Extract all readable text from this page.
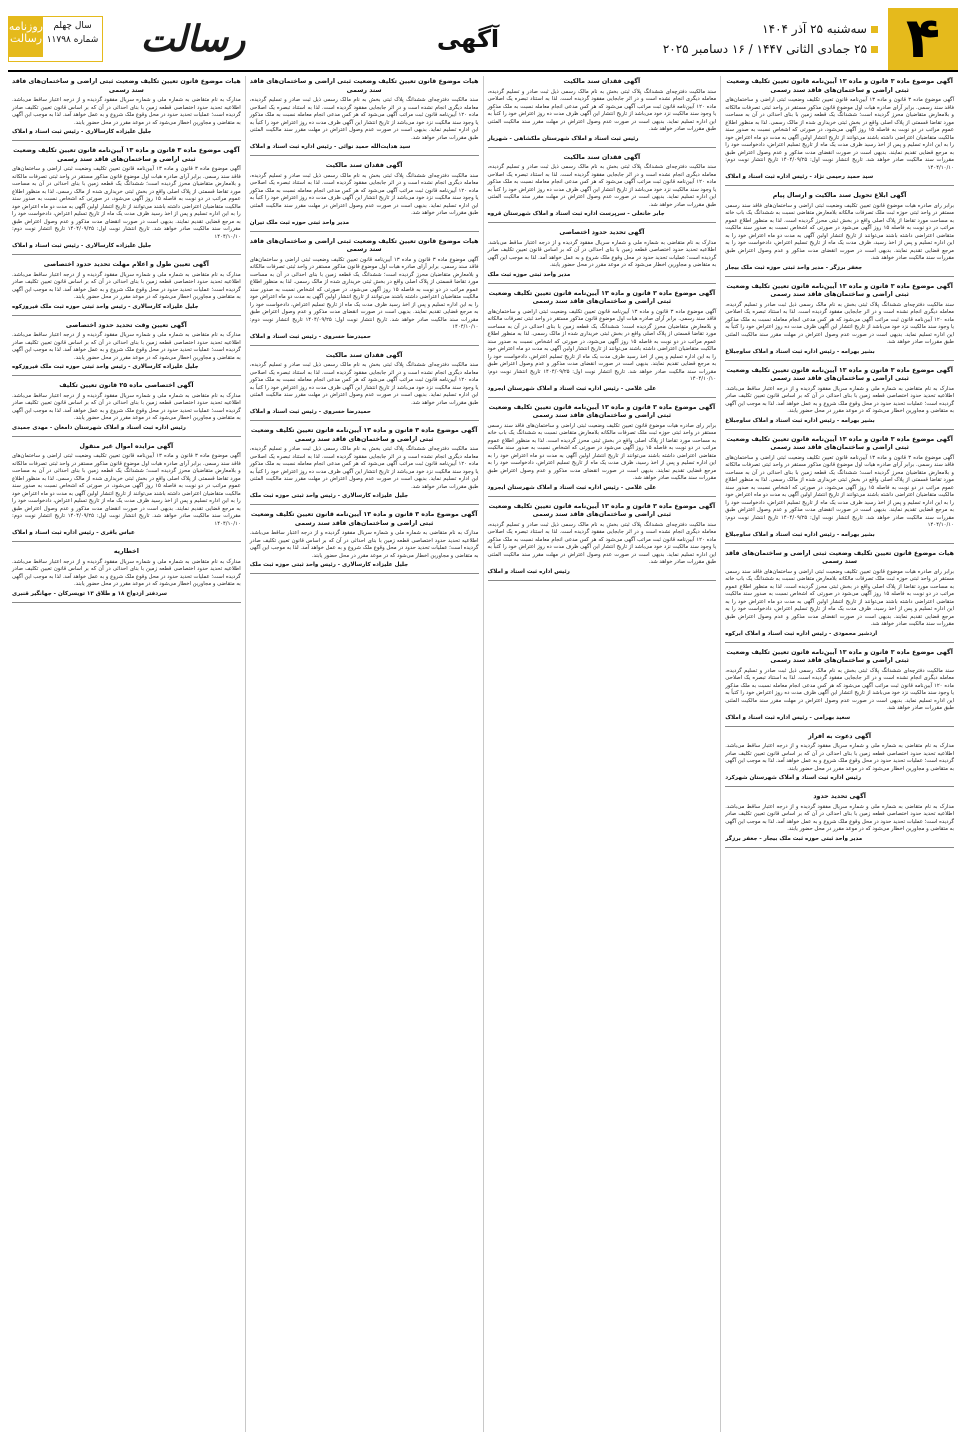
۴
سه‌شنبه ۲۵ آذر ۱۴۰۴
۲۵ جمادی الثانی ۱۴۴۷ / ۱۶ دسامبر ۲۰۲۵
آگهی
رسالت
روزنامه رسالت
سال چهلم
شماره ۱۱۷۹۸
آگهی موضوع ماده ۳ قانون و ماده ۱۳ آیین‌نامه قانون تعیین تکلیف وضعیت ثبتی اراضی و ساختمان‌های فاقد سند رسمی

آگهی موضوع ماده ۳ قانون و ماده ۱۳ آیین‌نامه قانون تعیین تکلیف وضعیت ثبتی اراضی و ساختمان‌های فاقد سند رسمی. برابر آرای صادره هیات اول موضوع قانون مذکور مستقر در واحد ثبتی تصرفات مالکانه و بلامعارض متقاضیان محرز گردیده است؛ ششدانگ یک قطعه زمین با بنای احداثی در آن به مساحت مورد تقاضا قسمتی از پلاک اصلی واقع در بخش ثبتی خریداری شده از مالک رسمی. لذا به منظور اطلاع عموم مراتب در دو نوبت به فاصله ۱۵ روز آگهی می‌شود، در صورتی که اشخاص نسبت به صدور سند مالکیت متقاضیان اعتراضی داشته باشند می‌توانند از تاریخ انتشار اولین آگهی به مدت دو ماه اعتراض خود را به این اداره تسلیم و پس از اخذ رسید ظرف مدت یک ماه از تاریخ تسلیم اعتراض، دادخواست خود را به مرجع قضایی تقدیم نمایند. بدیهی است در صورت انقضای مدت مذکور و عدم وصول اعتراض طبق مقررات سند مالکیت صادر خواهد شد. تاریخ انتشار نوبت اول: ۱۴۰۴/۰۹/۲۵ تاریخ انتشار نوبت دوم: ۱۴۰۴/۱۰/۱۰

سید حمید رحیمی نژاد - رئیس اداره ثبت اسناد و املاک
آگهی ابلاغ تحویل سند مالکیت و ارسال پیام

برابر رای صادره هیات موضوع قانون تعیین تکلیف وضعیت ثبتی اراضی و ساختمان‌های فاقد سند رسمی مستقر در واحد ثبتی حوزه ثبت ملک تصرفات مالکانه بلامعارض متقاضی نسبت به ششدانگ یک باب خانه به مساحت مورد تقاضا از پلاک اصلی واقع در بخش ثبتی محرز گردیده است. لذا به منظور اطلاع عموم مراتب در دو نوبت به فاصله ۱۵ روز آگهی می‌شود در صورتی که اشخاص نسبت به صدور سند مالکیت متقاضی اعتراضی داشته باشند می‌توانند از تاریخ انتشار اولین آگهی به مدت دو ماه اعتراض خود را به این اداره تسلیم و پس از اخذ رسید، ظرف مدت یک ماه از تاریخ تسلیم اعتراض، دادخواست خود را به مرجع قضایی تقدیم نمایند. بدیهی است در صورت انقضای مدت مذکور و عدم وصول اعتراض طبق مقررات سند مالکیت صادر خواهد شد.

جعفر برزگر - مدیر واحد ثبتی حوزه ثبت ملک بیجار
آگهی موضوع ماده ۳ قانون و ماده ۱۳ آیین‌نامه قانون تعیین تکلیف وضعیت ثبتی اراضی و ساختمان‌های فاقد سند رسمی

سند مالکیت دفترچه‌ای ششدانگ پلاک ثبتی بخش به نام مالک رسمی ذیل ثبت صادر و تسلیم گردیده، معامله دیگری انجام نشده است و در اثر جابجایی مفقود گردیده است. لذا به استناد تبصره یک اصلاحی ماده ۱۲۰ آیین‌نامه قانون ثبت مراتب آگهی می‌شود که هر کس مدعی انجام معامله نسبت به ملک مذکور یا وجود سند مالکیت نزد خود می‌باشد از تاریخ انتشار این آگهی ظرف مدت ده روز اعتراض خود را کتباً به این اداره تسلیم نماید. بدیهی است در صورت عدم وصول اعتراض در مهلت مقرر سند مالکیت المثنی طبق مقررات صادر خواهد شد.

بشیر بهرامه - رئیس اداره ثبت اسناد و املاک ساوجبلاغ
آگهی موضوع ماده ۳ قانون و ماده ۱۳ آیین‌نامه قانون تعیین تکلیف وضعیت ثبتی اراضی و ساختمان‌های فاقد سند رسمی

مدارک به نام متقاضی به شماره ملی و شماره سریال مفقود گردیده و از درجه اعتبار ساقط می‌باشد. اطلاعیه تحدید حدود اختصاصی قطعه زمین با بنای احداثی در آن که بر اساس قانون تعیین تکلیف صادر گردیده است؛ عملیات تحدید حدود در محل وقوع ملک شروع و به عمل خواهد آمد. لذا به موجب این آگهی به متقاضی و مجاورین اخطار می‌شود که در موعد مقرر در محل حضور یابند.

بشیر بهرامه - رئیس اداره ثبت اسناد و املاک ساوجبلاغ
آگهی موضوع ماده ۳ قانون و ماده ۱۳ آیین‌نامه قانون تعیین تکلیف وضعیت ثبتی اراضی و ساختمان‌های فاقد سند رسمی

آگهی موضوع ماده ۳ قانون و ماده ۱۳ آیین‌نامه قانون تعیین تکلیف وضعیت ثبتی اراضی و ساختمان‌های فاقد سند رسمی. برابر آرای صادره هیات اول موضوع قانون مذکور مستقر در واحد ثبتی تصرفات مالکانه و بلامعارض متقاضیان محرز گردیده است؛ ششدانگ یک قطعه زمین با بنای احداثی در آن به مساحت مورد تقاضا قسمتی از پلاک اصلی واقع در بخش ثبتی خریداری شده از مالک رسمی. لذا به منظور اطلاع عموم مراتب در دو نوبت به فاصله ۱۵ روز آگهی می‌شود، در صورتی که اشخاص نسبت به صدور سند مالکیت متقاضیان اعتراضی داشته باشند می‌توانند از تاریخ انتشار اولین آگهی به مدت دو ماه اعتراض خود را به این اداره تسلیم و پس از اخذ رسید ظرف مدت یک ماه از تاریخ تسلیم اعتراض، دادخواست خود را به مرجع قضایی تقدیم نمایند. بدیهی است در صورت انقضای مدت مذکور و عدم وصول اعتراض طبق مقررات سند مالکیت صادر خواهد شد. تاریخ انتشار نوبت اول: ۱۴۰۴/۰۹/۲۵ تاریخ انتشار نوبت دوم: ۱۴۰۴/۱۰/۱۰

بشیر بهرامه - رئیس اداره ثبت اسناد و املاک ساوجبلاغ
هیات موضوع قانون تعیین تکلیف وضعیت ثبتی اراضی و ساختمان‌های فاقد سند رسمی

برابر رای صادره هیات موضوع قانون تعیین تکلیف وضعیت ثبتی اراضی و ساختمان‌های فاقد سند رسمی مستقر در واحد ثبتی حوزه ثبت ملک تصرفات مالکانه بلامعارض متقاضی نسبت به ششدانگ یک باب خانه به مساحت مورد تقاضا از پلاک اصلی واقع در بخش ثبتی محرز گردیده است. لذا به منظور اطلاع عموم مراتب در دو نوبت به فاصله ۱۵ روز آگهی می‌شود در صورتی که اشخاص نسبت به صدور سند مالکیت متقاضی اعتراضی داشته باشند می‌توانند از تاریخ انتشار اولین آگهی به مدت دو ماه اعتراض خود را به این اداره تسلیم و پس از اخذ رسید، ظرف مدت یک ماه از تاریخ تسلیم اعتراض، دادخواست خود را به مرجع قضایی تقدیم نمایند. بدیهی است در صورت انقضای مدت مذکور و عدم وصول اعتراض طبق مقررات سند مالکیت صادر خواهد شد.

اردشیر محمودی - رئیس اداره ثبت اسناد و املاک ابرکوه
آگهی موضوع ماده ۳ قانون و ماده ۱۳ آیین‌نامه قانون تعیین تکلیف وضعیت ثبتی اراضی و ساختمان‌های فاقد سند رسمی

سند مالکیت دفترچه‌ای ششدانگ پلاک ثبتی بخش به نام مالک رسمی ذیل ثبت صادر و تسلیم گردیده، معامله دیگری انجام نشده است و در اثر جابجایی مفقود گردیده است. لذا به استناد تبصره یک اصلاحی ماده ۱۲۰ آیین‌نامه قانون ثبت مراتب آگهی می‌شود که هر کس مدعی انجام معامله نسبت به ملک مذکور یا وجود سند مالکیت نزد خود می‌باشد از تاریخ انتشار این آگهی ظرف مدت ده روز اعتراض خود را کتباً به این اداره تسلیم نماید. بدیهی است در صورت عدم وصول اعتراض در مهلت مقرر سند مالکیت المثنی طبق مقررات صادر خواهد شد.

سعید بهرامی - رئیس اداره ثبت اسناد و املاک
آگهی دعوت به افراز

مدارک به نام متقاضی به شماره ملی و شماره سریال مفقود گردیده و از درجه اعتبار ساقط می‌باشد. اطلاعیه تحدید حدود اختصاصی قطعه زمین با بنای احداثی در آن که بر اساس قانون تعیین تکلیف صادر گردیده است؛ عملیات تحدید حدود در محل وقوع ملک شروع و به عمل خواهد آمد. لذا به موجب این آگهی به متقاضی و مجاورین اخطار می‌شود که در موعد مقرر در محل حضور یابند.

رئیس اداره ثبت اسناد و املاک شهرستان شهرکرد
آگهی تحدید حدود

مدارک به نام متقاضی به شماره ملی و شماره سریال مفقود گردیده و از درجه اعتبار ساقط می‌باشد. اطلاعیه تحدید حدود اختصاصی قطعه زمین با بنای احداثی در آن که بر اساس قانون تعیین تکلیف صادر گردیده است؛ عملیات تحدید حدود در محل وقوع ملک شروع و به عمل خواهد آمد. لذا به موجب این آگهی به متقاضی و مجاورین اخطار می‌شود که در موعد مقرر در محل حضور یابند.

مدیر واحد ثبتی حوزه ثبت ملک بیجار - جعفر برزگر
آگهی فقدان سند مالکیت

سند مالکیت دفترچه‌ای ششدانگ پلاک ثبتی بخش به نام مالک رسمی ذیل ثبت صادر و تسلیم گردیده، معامله دیگری انجام نشده است و در اثر جابجایی مفقود گردیده است. لذا به استناد تبصره یک اصلاحی ماده ۱۲۰ آیین‌نامه قانون ثبت مراتب آگهی می‌شود که هر کس مدعی انجام معامله نسبت به ملک مذکور یا وجود سند مالکیت نزد خود می‌باشد از تاریخ انتشار این آگهی ظرف مدت ده روز اعتراض خود را کتباً به این اداره تسلیم نماید. بدیهی است در صورت عدم وصول اعتراض در مهلت مقرر سند مالکیت المثنی طبق مقررات صادر خواهد شد.

رئیس ثبت اسناد و املاک شهرستان ملکشاهی - شهریار
آگهی فقدان سند مالکیت

سند مالکیت دفترچه‌ای ششدانگ پلاک ثبتی بخش به نام مالک رسمی ذیل ثبت صادر و تسلیم گردیده، معامله دیگری انجام نشده است و در اثر جابجایی مفقود گردیده است. لذا به استناد تبصره یک اصلاحی ماده ۱۲۰ آیین‌نامه قانون ثبت مراتب آگهی می‌شود که هر کس مدعی انجام معامله نسبت به ملک مذکور یا وجود سند مالکیت نزد خود می‌باشد از تاریخ انتشار این آگهی ظرف مدت ده روز اعتراض خود را کتباً به این اداره تسلیم نماید. بدیهی است در صورت عدم وصول اعتراض در مهلت مقرر سند مالکیت المثنی طبق مقررات صادر خواهد شد.

جابر خانعلی - سرپرست اداره ثبت اسناد و املاک شهرستان قروه
آگهی تحدید حدود اختصاصی

مدارک به نام متقاضی به شماره ملی و شماره سریال مفقود گردیده و از درجه اعتبار ساقط می‌باشد. اطلاعیه تحدید حدود اختصاصی قطعه زمین با بنای احداثی در آن که بر اساس قانون تعیین تکلیف صادر گردیده است؛ عملیات تحدید حدود در محل وقوع ملک شروع و به عمل خواهد آمد. لذا به موجب این آگهی به متقاضی و مجاورین اخطار می‌شود که در موعد مقرر در محل حضور یابند.

مدیر واحد ثبتی حوزه ثبت ملک
آگهی موضوع ماده ۳ قانون و ماده ۱۳ آیین‌نامه قانون تعیین تکلیف وضعیت ثبتی اراضی و ساختمان‌های فاقد سند رسمی

آگهی موضوع ماده ۳ قانون و ماده ۱۳ آیین‌نامه قانون تعیین تکلیف وضعیت ثبتی اراضی و ساختمان‌های فاقد سند رسمی. برابر آرای صادره هیات اول موضوع قانون مذکور مستقر در واحد ثبتی تصرفات مالکانه و بلامعارض متقاضیان محرز گردیده است؛ ششدانگ یک قطعه زمین با بنای احداثی در آن به مساحت مورد تقاضا قسمتی از پلاک اصلی واقع در بخش ثبتی خریداری شده از مالک رسمی. لذا به منظور اطلاع عموم مراتب در دو نوبت به فاصله ۱۵ روز آگهی می‌شود، در صورتی که اشخاص نسبت به صدور سند مالکیت متقاضیان اعتراضی داشته باشند می‌توانند از تاریخ انتشار اولین آگهی به مدت دو ماه اعتراض خود را به این اداره تسلیم و پس از اخذ رسید ظرف مدت یک ماه از تاریخ تسلیم اعتراض، دادخواست خود را به مرجع قضایی تقدیم نمایند. بدیهی است در صورت انقضای مدت مذکور و عدم وصول اعتراض طبق مقررات سند مالکیت صادر خواهد شد. تاریخ انتشار نوبت اول: ۱۴۰۴/۰۹/۲۵ تاریخ انتشار نوبت دوم: ۱۴۰۴/۱۰/۱۰

علی غلامی - رئیس اداره ثبت اسناد و املاک شهرستان ایجرود
آگهی موضوع ماده ۳ قانون و ماده ۱۳ آیین‌نامه قانون تعیین تکلیف وضعیت ثبتی اراضی و ساختمان‌های فاقد سند رسمی

برابر رای صادره هیات موضوع قانون تعیین تکلیف وضعیت ثبتی اراضی و ساختمان‌های فاقد سند رسمی مستقر در واحد ثبتی حوزه ثبت ملک تصرفات مالکانه بلامعارض متقاضی نسبت به ششدانگ یک باب خانه به مساحت مورد تقاضا از پلاک اصلی واقع در بخش ثبتی محرز گردیده است. لذا به منظور اطلاع عموم مراتب در دو نوبت به فاصله ۱۵ روز آگهی می‌شود در صورتی که اشخاص نسبت به صدور سند مالکیت متقاضی اعتراضی داشته باشند می‌توانند از تاریخ انتشار اولین آگهی به مدت دو ماه اعتراض خود را به این اداره تسلیم و پس از اخذ رسید، ظرف مدت یک ماه از تاریخ تسلیم اعتراض، دادخواست خود را به مرجع قضایی تقدیم نمایند. بدیهی است در صورت انقضای مدت مذکور و عدم وصول اعتراض طبق مقررات سند مالکیت صادر خواهد شد.

علی غلامی - رئیس اداره ثبت اسناد و املاک شهرستان ایجرود
آگهی موضوع ماده ۳ قانون و ماده ۱۳ آیین‌نامه قانون تعیین تکلیف وضعیت ثبتی اراضی و ساختمان‌های فاقد سند رسمی

سند مالکیت دفترچه‌ای ششدانگ پلاک ثبتی بخش به نام مالک رسمی ذیل ثبت صادر و تسلیم گردیده، معامله دیگری انجام نشده است و در اثر جابجایی مفقود گردیده است. لذا به استناد تبصره یک اصلاحی ماده ۱۲۰ آیین‌نامه قانون ثبت مراتب آگهی می‌شود که هر کس مدعی انجام معامله نسبت به ملک مذکور یا وجود سند مالکیت نزد خود می‌باشد از تاریخ انتشار این آگهی ظرف مدت ده روز اعتراض خود را کتباً به این اداره تسلیم نماید. بدیهی است در صورت عدم وصول اعتراض در مهلت مقرر سند مالکیت المثنی طبق مقررات صادر خواهد شد.

رئیس اداره ثبت اسناد و املاک
هیات موضوع قانون تعیین تکلیف وضعیت ثبتی اراضی و ساختمان‌های فاقد سند رسمی

سند مالکیت دفترچه‌ای ششدانگ پلاک ثبتی بخش به نام مالک رسمی ذیل ثبت صادر و تسلیم گردیده، معامله دیگری انجام نشده است و در اثر جابجایی مفقود گردیده است. لذا به استناد تبصره یک اصلاحی ماده ۱۲۰ آیین‌نامه قانون ثبت مراتب آگهی می‌شود که هر کس مدعی انجام معامله نسبت به ملک مذکور یا وجود سند مالکیت نزد خود می‌باشد از تاریخ انتشار این آگهی ظرف مدت ده روز اعتراض خود را کتباً به این اداره تسلیم نماید. بدیهی است در صورت عدم وصول اعتراض در مهلت مقرر سند مالکیت المثنی طبق مقررات صادر خواهد شد.

سید هدایت‌الله حمید نوائی - رئیس اداره ثبت اسناد و املاک
آگهی فقدان سند مالکیت

سند مالکیت دفترچه‌ای ششدانگ پلاک ثبتی بخش به نام مالک رسمی ذیل ثبت صادر و تسلیم گردیده، معامله دیگری انجام نشده است و در اثر جابجایی مفقود گردیده است. لذا به استناد تبصره یک اصلاحی ماده ۱۲۰ آیین‌نامه قانون ثبت مراتب آگهی می‌شود که هر کس مدعی انجام معامله نسبت به ملک مذکور یا وجود سند مالکیت نزد خود می‌باشد از تاریخ انتشار این آگهی ظرف مدت ده روز اعتراض خود را کتباً به این اداره تسلیم نماید. بدیهی است در صورت عدم وصول اعتراض در مهلت مقرر سند مالکیت المثنی طبق مقررات صادر خواهد شد.

مدیر واحد ثبتی حوزه ثبت ملک تیران
هیات موضوع قانون تعیین تکلیف وضعیت ثبتی اراضی و ساختمان‌های فاقد سند رسمی

آگهی موضوع ماده ۳ قانون و ماده ۱۳ آیین‌نامه قانون تعیین تکلیف وضعیت ثبتی اراضی و ساختمان‌های فاقد سند رسمی. برابر آرای صادره هیات اول موضوع قانون مذکور مستقر در واحد ثبتی تصرفات مالکانه و بلامعارض متقاضیان محرز گردیده است؛ ششدانگ یک قطعه زمین با بنای احداثی در آن به مساحت مورد تقاضا قسمتی از پلاک اصلی واقع در بخش ثبتی خریداری شده از مالک رسمی. لذا به منظور اطلاع عموم مراتب در دو نوبت به فاصله ۱۵ روز آگهی می‌شود، در صورتی که اشخاص نسبت به صدور سند مالکیت متقاضیان اعتراضی داشته باشند می‌توانند از تاریخ انتشار اولین آگهی به مدت دو ماه اعتراض خود را به این اداره تسلیم و پس از اخذ رسید ظرف مدت یک ماه از تاریخ تسلیم اعتراض، دادخواست خود را به مرجع قضایی تقدیم نمایند. بدیهی است در صورت انقضای مدت مذکور و عدم وصول اعتراض طبق مقررات سند مالکیت صادر خواهد شد. تاریخ انتشار نوبت اول: ۱۴۰۴/۰۹/۲۵ تاریخ انتشار نوبت دوم: ۱۴۰۴/۱۰/۱۰

حمیدرضا خسروی - رئیس ثبت اسناد و املاک
آگهی فقدان سند مالکیت

سند مالکیت دفترچه‌ای ششدانگ پلاک ثبتی بخش به نام مالک رسمی ذیل ثبت صادر و تسلیم گردیده، معامله دیگری انجام نشده است و در اثر جابجایی مفقود گردیده است. لذا به استناد تبصره یک اصلاحی ماده ۱۲۰ آیین‌نامه قانون ثبت مراتب آگهی می‌شود که هر کس مدعی انجام معامله نسبت به ملک مذکور یا وجود سند مالکیت نزد خود می‌باشد از تاریخ انتشار این آگهی ظرف مدت ده روز اعتراض خود را کتباً به این اداره تسلیم نماید. بدیهی است در صورت عدم وصول اعتراض در مهلت مقرر سند مالکیت المثنی طبق مقررات صادر خواهد شد.

حمیدرضا خسروی - رئیس ثبت اسناد و املاک
آگهی موضوع ماده ۳ قانون و ماده ۱۳ آیین‌نامه قانون تعیین تکلیف وضعیت ثبتی اراضی و ساختمان‌های فاقد سند رسمی

سند مالکیت دفترچه‌ای ششدانگ پلاک ثبتی بخش به نام مالک رسمی ذیل ثبت صادر و تسلیم گردیده، معامله دیگری انجام نشده است و در اثر جابجایی مفقود گردیده است. لذا به استناد تبصره یک اصلاحی ماده ۱۲۰ آیین‌نامه قانون ثبت مراتب آگهی می‌شود که هر کس مدعی انجام معامله نسبت به ملک مذکور یا وجود سند مالکیت نزد خود می‌باشد از تاریخ انتشار این آگهی ظرف مدت ده روز اعتراض خود را کتباً به این اداره تسلیم نماید. بدیهی است در صورت عدم وصول اعتراض در مهلت مقرر سند مالکیت المثنی طبق مقررات صادر خواهد شد.

جلیل علیزاده کارسالاری - رئیس واحد ثبتی حوزه ثبت ملک
آگهی موضوع ماده ۳ قانون و ماده ۱۳ آیین‌نامه قانون تعیین تکلیف وضعیت ثبتی اراضی و ساختمان‌های فاقد سند رسمی

مدارک به نام متقاضی به شماره ملی و شماره سریال مفقود گردیده و از درجه اعتبار ساقط می‌باشد. اطلاعیه تحدید حدود اختصاصی قطعه زمین با بنای احداثی در آن که بر اساس قانون تعیین تکلیف صادر گردیده است؛ عملیات تحدید حدود در محل وقوع ملک شروع و به عمل خواهد آمد. لذا به موجب این آگهی به متقاضی و مجاورین اخطار می‌شود که در موعد مقرر در محل حضور یابند.

جلیل علیزاده کارسالاری - رئیس واحد ثبتی حوزه ثبت ملک
هیات موضوع قانون تعیین تکلیف وضعیت ثبتی اراضی و ساختمان‌های فاقد سند رسمی

مدارک به نام متقاضی به شماره ملی و شماره سریال مفقود گردیده و از درجه اعتبار ساقط می‌باشد. اطلاعیه تحدید حدود اختصاصی قطعه زمین با بنای احداثی در آن که بر اساس قانون تعیین تکلیف صادر گردیده است؛ عملیات تحدید حدود در محل وقوع ملک شروع و به عمل خواهد آمد. لذا به موجب این آگهی به متقاضی و مجاورین اخطار می‌شود که در موعد مقرر در محل حضور یابند.

جلیل علیزاده کارسالاری - رئیس ثبت اسناد و املاک
آگهی موضوع ماده ۳ قانون و ماده ۱۳ آیین‌نامه قانون تعیین تکلیف وضعیت ثبتی اراضی و ساختمان‌های فاقد سند رسمی

آگهی موضوع ماده ۳ قانون و ماده ۱۳ آیین‌نامه قانون تعیین تکلیف وضعیت ثبتی اراضی و ساختمان‌های فاقد سند رسمی. برابر آرای صادره هیات اول موضوع قانون مذکور مستقر در واحد ثبتی تصرفات مالکانه و بلامعارض متقاضیان محرز گردیده است؛ ششدانگ یک قطعه زمین با بنای احداثی در آن به مساحت مورد تقاضا قسمتی از پلاک اصلی واقع در بخش ثبتی خریداری شده از مالک رسمی. لذا به منظور اطلاع عموم مراتب در دو نوبت به فاصله ۱۵ روز آگهی می‌شود، در صورتی که اشخاص نسبت به صدور سند مالکیت متقاضیان اعتراضی داشته باشند می‌توانند از تاریخ انتشار اولین آگهی به مدت دو ماه اعتراض خود را به این اداره تسلیم و پس از اخذ رسید ظرف مدت یک ماه از تاریخ تسلیم اعتراض، دادخواست خود را به مرجع قضایی تقدیم نمایند. بدیهی است در صورت انقضای مدت مذکور و عدم وصول اعتراض طبق مقررات سند مالکیت صادر خواهد شد. تاریخ انتشار نوبت اول: ۱۴۰۴/۰۹/۲۵ تاریخ انتشار نوبت دوم: ۱۴۰۴/۱۰/۱۰

جلیل علیزاده کارسالاری - رئیس ثبت اسناد و املاک
آگهی تعیین طول و اعلام مهلت تحدید حدود اختصاصی

مدارک به نام متقاضی به شماره ملی و شماره سریال مفقود گردیده و از درجه اعتبار ساقط می‌باشد. اطلاعیه تحدید حدود اختصاصی قطعه زمین با بنای احداثی در آن که بر اساس قانون تعیین تکلیف صادر گردیده است؛ عملیات تحدید حدود در محل وقوع ملک شروع و به عمل خواهد آمد. لذا به موجب این آگهی به متقاضی و مجاورین اخطار می‌شود که در موعد مقرر در محل حضور یابند.

جلیل علیزاده کارسالاری - رئیس واحد ثبتی حوزه ثبت ملک فیروزکوه
آگهی تعیین وقت تحدید حدود اختصاصی

مدارک به نام متقاضی به شماره ملی و شماره سریال مفقود گردیده و از درجه اعتبار ساقط می‌باشد. اطلاعیه تحدید حدود اختصاصی قطعه زمین با بنای احداثی در آن که بر اساس قانون تعیین تکلیف صادر گردیده است؛ عملیات تحدید حدود در محل وقوع ملک شروع و به عمل خواهد آمد. لذا به موجب این آگهی به متقاضی و مجاورین اخطار می‌شود که در موعد مقرر در محل حضور یابند.

جلیل علیزاده کارسالاری - رئیس واحد ثبتی حوزه ثبت ملک فیروزکوه
آگهی اختصاصی ماده ۲۵ قانون تعیین تکلیف

مدارک به نام متقاضی به شماره ملی و شماره سریال مفقود گردیده و از درجه اعتبار ساقط می‌باشد. اطلاعیه تحدید حدود اختصاصی قطعه زمین با بنای احداثی در آن که بر اساس قانون تعیین تکلیف صادر گردیده است؛ عملیات تحدید حدود در محل وقوع ملک شروع و به عمل خواهد آمد. لذا به موجب این آگهی به متقاضی و مجاورین اخطار می‌شود که در موعد مقرر در محل حضور یابند.

رئیس اداره ثبت اسناد و املاک شهرستان دامغان - مهدی جمیدی
آگهی مزایده اموال غیر منقول

آگهی موضوع ماده ۳ قانون و ماده ۱۳ آیین‌نامه قانون تعیین تکلیف وضعیت ثبتی اراضی و ساختمان‌های فاقد سند رسمی. برابر آرای صادره هیات اول موضوع قانون مذکور مستقر در واحد ثبتی تصرفات مالکانه و بلامعارض متقاضیان محرز گردیده است؛ ششدانگ یک قطعه زمین با بنای احداثی در آن به مساحت مورد تقاضا قسمتی از پلاک اصلی واقع در بخش ثبتی خریداری شده از مالک رسمی. لذا به منظور اطلاع عموم مراتب در دو نوبت به فاصله ۱۵ روز آگهی می‌شود، در صورتی که اشخاص نسبت به صدور سند مالکیت متقاضیان اعتراضی داشته باشند می‌توانند از تاریخ انتشار اولین آگهی به مدت دو ماه اعتراض خود را به این اداره تسلیم و پس از اخذ رسید ظرف مدت یک ماه از تاریخ تسلیم اعتراض، دادخواست خود را به مرجع قضایی تقدیم نمایند. بدیهی است در صورت انقضای مدت مذکور و عدم وصول اعتراض طبق مقررات سند مالکیت صادر خواهد شد. تاریخ انتشار نوبت اول: ۱۴۰۴/۰۹/۲۵ تاریخ انتشار نوبت دوم: ۱۴۰۴/۱۰/۱۰

عباس باقری - رئیس اداره ثبت اسناد و املاک
اخطاریه

مدارک به نام متقاضی به شماره ملی و شماره سریال مفقود گردیده و از درجه اعتبار ساقط می‌باشد. اطلاعیه تحدید حدود اختصاصی قطعه زمین با بنای احداثی در آن که بر اساس قانون تعیین تکلیف صادر گردیده است؛ عملیات تحدید حدود در محل وقوع ملک شروع و به عمل خواهد آمد. لذا به موجب این آگهی به متقاضی و مجاورین اخطار می‌شود که در موعد مقرر در محل حضور یابند.

سردفتر ازدواج ۱۸ و طلاق ۱۳ تویسرکان - جهانگیر قنبری
